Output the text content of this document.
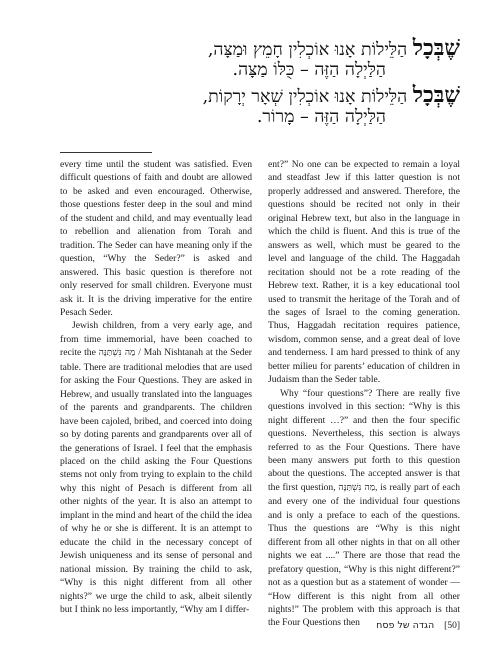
שֶׁבְּכָל הַלֵּילוֹת אָנוּ אוֹכְלִין חָמֵץ וּמַצָּה,
הַלַּיְלָה הַזֶּה – כֻּלּוֹ מַצָּה.
שֶׁבְּכָל הַלֵּילוֹת אָנוּ אוֹכְלִין שְׁאָר יְרָקוֹת,
הַלַּיְלָה הַזֶּה – מָרוֹר.

every time until the student was satisfied. Even difficult questions of faith and doubt are allowed to be asked and even encouraged. Otherwise, those questions fester deep in the soul and mind of the student and child, and may eventually lead to rebellion and alienation from Torah and tradition. The Seder can have meaning only if the question, “Why the Seder?” is asked and answered. This basic question is therefore not only reserved for small children. Everyone must ask it. It is the driving imperative for the entire Pesach Seder.

Jewish children, from a very early age, and from time immemorial, have been coached to recite the מַה נִּשְׁתַּנָּה / Mah Nishtanah at the Seder table. There are traditional melodies that are used for asking the Four Questions. They are asked in Hebrew, and usually translated into the languages of the parents and grandparents. The children have been cajoled, bribed, and coerced into doing so by doting parents and grandparents over all of the generations of Israel. I feel that the emphasis placed on the child asking the Four Questions stems not only from trying to explain to the child why this night of Pesach is different from all other nights of the year. It is also an attempt to implant in the mind and heart of the child the idea of why he or she is different. It is an attempt to educate the child in the necessary concept of Jewish uniqueness and its sense of personal and national mission. By training the child to ask, “Why is this night different from all other nights?” we urge the child to ask, albeit silently but I think no less importantly, “Why am I differ-

ent?” No one can be expected to remain a loyal and steadfast Jew if this latter question is not properly addressed and answered. Therefore, the questions should be recited not only in their original Hebrew text, but also in the language in which the child is fluent. And this is true of the answers as well, which must be geared to the level and language of the child. The Haggadah recitation should not be a rote reading of the Hebrew text. Rather, it is a key educational tool used to transmit the heritage of the Torah and of the sages of Israel to the coming generation. Thus, Haggadah recitation requires patience, wisdom, common sense, and a great deal of love and tenderness. I am hard pressed to think of any better milieu for parents’ education of children in Judaism than the Seder table.

Why “four questions”? There are really five questions involved in this section: “Why is this night different …?” and then the four specific questions. Nevertheless, this section is always referred to as the Four Questions. There have been many answers put forth to this question about the questions. The accepted answer is that the first question, מַה נִּשְׁתַּנָּה, is really part of each and every one of the individual four questions and is only a preface to each of the questions. Thus the questions are “Why is this night different from all other nights in that on all other nights we eat ....” There are those that read the prefatory question, “Why is this night different?” not as a question but as a statement of wonder — “How different is this night from all other nights!” The problem with this approach is that the Four Questions then	הגדה של פסח [50]
